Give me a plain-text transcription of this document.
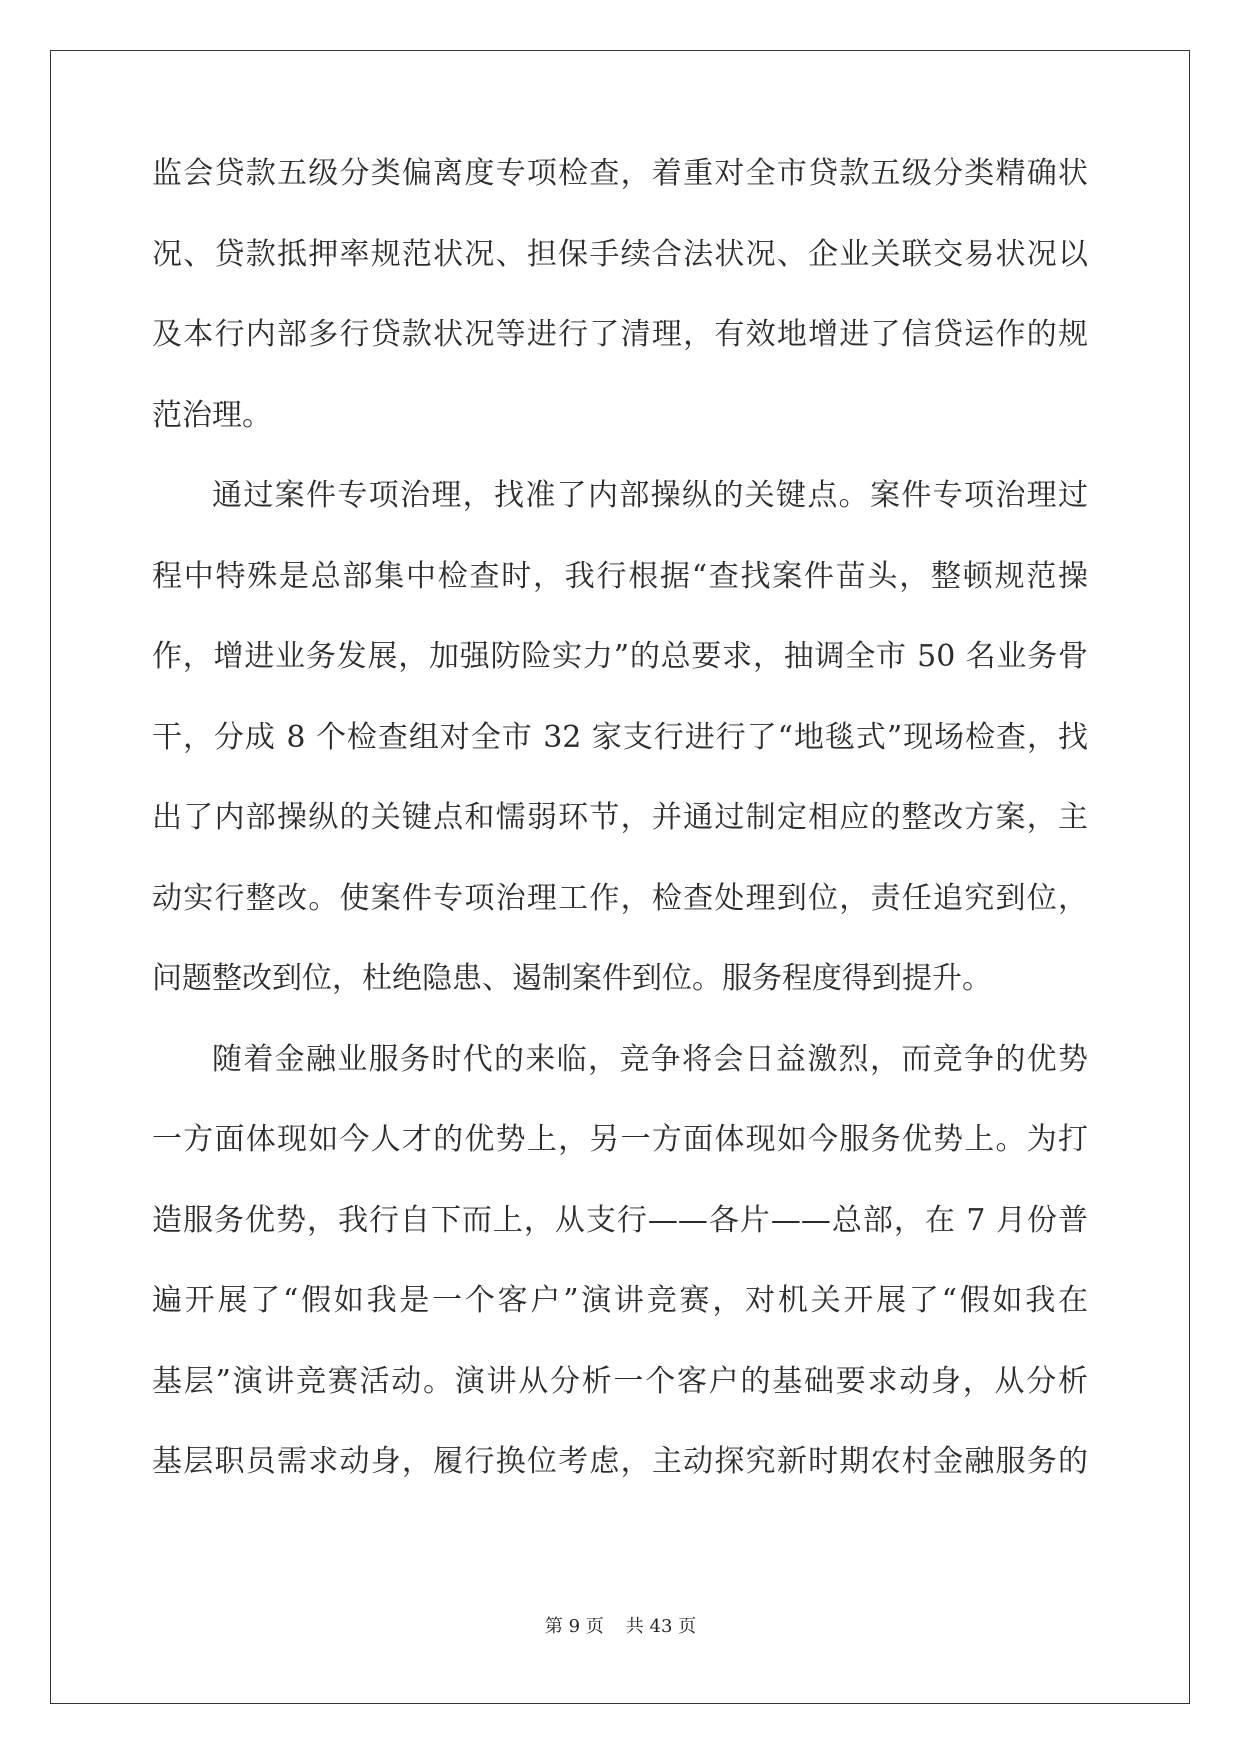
监会贷款五级分类偏离度专项检查，着重对全市贷款五级分类精确状
况、贷款抵押率规范状况、担保手续合法状况、企业关联交易状况以
及本行内部多行贷款状况等进行了清理，有效地增进了信贷运作的规
范治理。
通过案件专项治理，找准了内部操纵的关键点。案件专项治理过
程中特殊是总部集中检查时，我行根据“查找案件苗头，整顿规范操
作，增进业务发展，加强防险实力”的总要求，抽调全市 50 名业务骨
干，分成 8 个检查组对全市 32 家支行进行了“地毯式”现场检查，找
出了内部操纵的关键点和懦弱环节，并通过制定相应的整改方案，主
动实行整改。使案件专项治理工作，检查处理到位，责任追究到位，
问题整改到位，杜绝隐患、遏制案件到位。服务程度得到提升。
随着金融业服务时代的来临，竞争将会日益激烈，而竞争的优势
一方面体现如今人才的优势上，另一方面体现如今服务优势上。为打
造服务优势，我行自下而上，从支行——各片——总部，在 7 月份普
遍开展了“假如我是一个客户”演讲竞赛，对机关开展了“假如我在
基层”演讲竞赛活动。演讲从分析一个客户的基础要求动身，从分析
基层职员需求动身，履行换位考虑，主动探究新时期农村金融服务的
第 9 页 共 43 页
